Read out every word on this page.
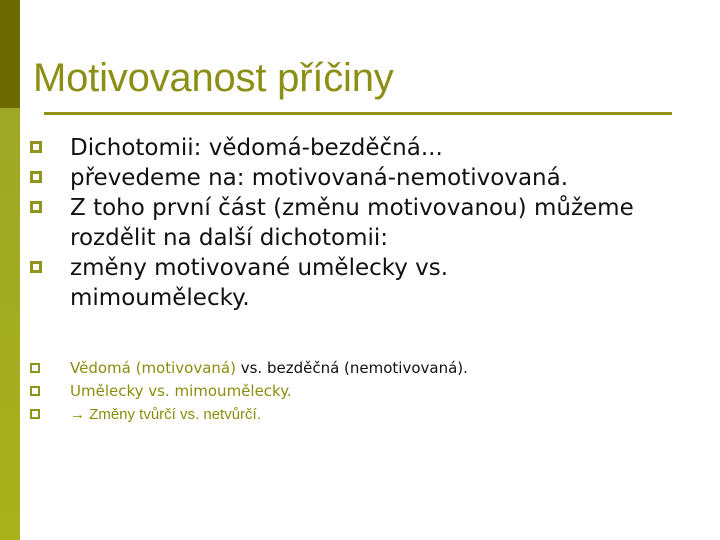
Motivovanost příčiny
Dichotomii: vědomá-bezděčná...
převedeme na: motivovaná-nemotivovaná.
Z toho první část (změnu motivovanou) můžeme rozdělit na další dichotomii:
změny motivované umělecky vs. mimoumělecky.
Vědomá (motivovaná) vs. bezděčná (nemotivovaná).
Umělecky vs. mimoumělecky.
→ Změny tvůrčí vs. netvůrčí.
